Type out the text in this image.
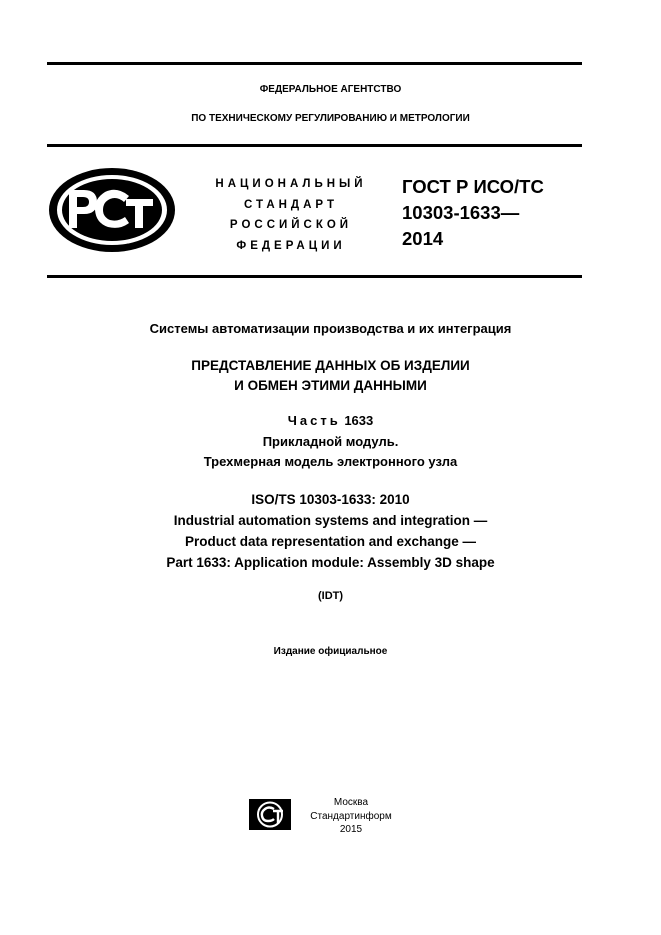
ФЕДЕРАЛЬНОЕ АГЕНТСТВО
ПО ТЕХНИЧЕСКОМУ РЕГУЛИРОВАНИЮ И МЕТРОЛОГИИ
НАЦИОНАЛЬНЫЙ
СТАНДАРТ
РОССИЙСКОЙ
ФЕДЕРАЦИИ
ГОСТ Р ИСО/ТС
10303-1633—
2014
Системы автоматизации производства и их интеграция
ПРЕДСТАВЛЕНИЕ ДАННЫХ ОБ ИЗДЕЛИИ
И ОБМЕН ЭТИМИ ДАННЫМИ
Часть 1633
Прикладной модуль.
Трехмерная модель электронного узла
ISO/TS 10303-1633: 2010
Industrial automation systems and integration —
Product data representation and exchange —
Part 1633: Application module: Assembly 3D shape
(IDT)
Издание официальное
Москва
Стандартинформ
2015
